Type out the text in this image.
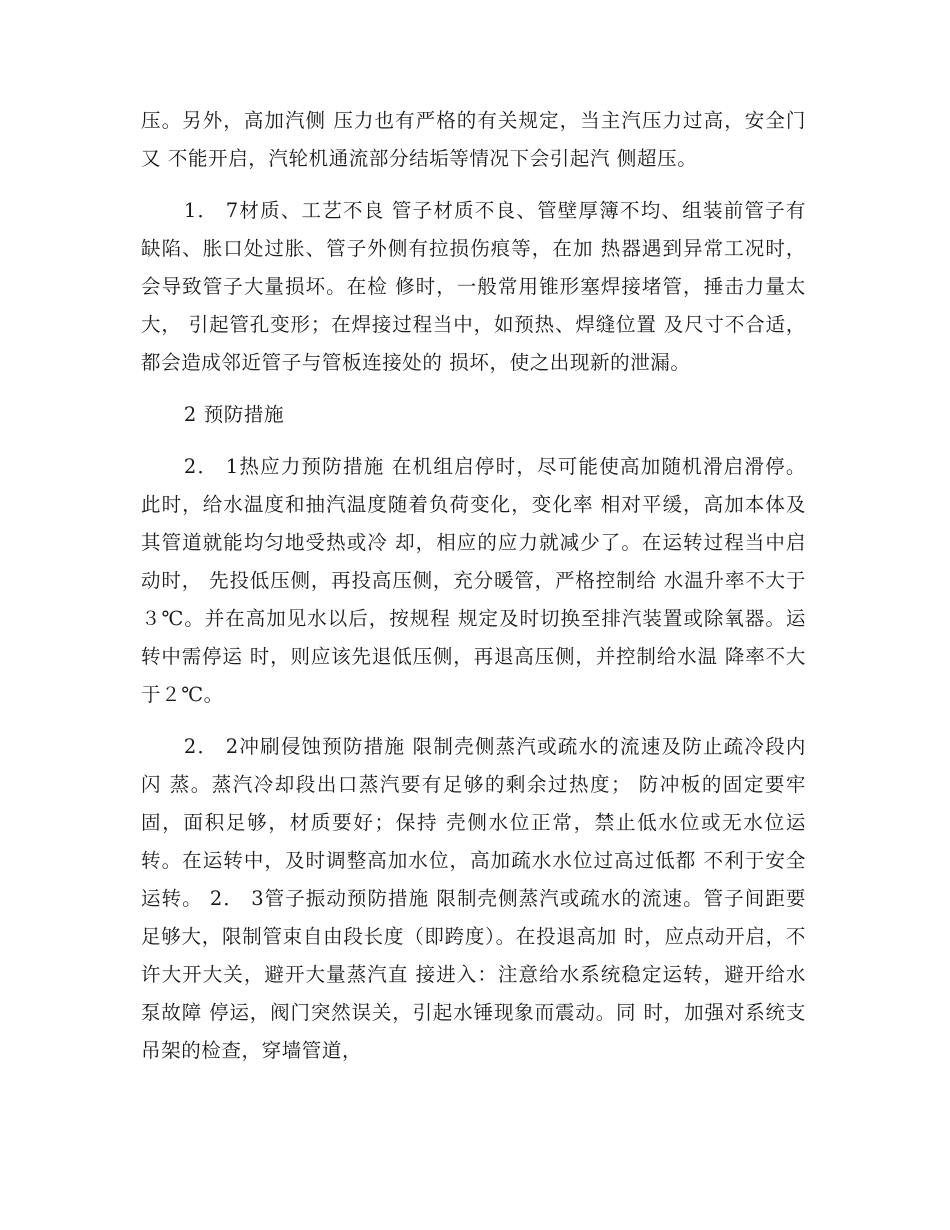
压。另外，高加汽侧 压力也有严格的有关规定，当主汽压力过高，安全门又 不能开启，汽轮机通流部分结垢等情况下会引起汽 侧超压。

1． 7材质、工艺不良 管子材质不良、管壁厚簿不均、组装前管子有 缺陷、胀口处过胀、管子外侧有拉损伤痕等，在加 热器遇到异常工况时，会导致管子大量损坏。在检 修时，一般常用锥形塞焊接堵管，捶击力量太大， 引起管孔变形；在焊接过程当中，如预热、焊缝位置 及尺寸不合适，都会造成邻近管子与管板连接处的 损坏，使之出现新的泄漏。

2 预防措施

2． 1热应力预防措施 在机组启停时，尽可能使高加随机滑启滑停。 此时，给水温度和抽汽温度随着负荷变化，变化率 相对平缓，高加本体及其管道就能均匀地受热或冷 却，相应的应力就减少了。在运转过程当中启动时， 先投低压侧，再投高压侧，充分暖管，严格控制给 水温升率不大于３℃。并在高加见水以后，按规程 规定及时切换至排汽装置或除氧器。运转中需停运 时，则应该先退低压侧，再退高压侧，并控制给水温 降率不大于２℃。

2． 2冲刷侵蚀预防措施 限制壳侧蒸汽或疏水的流速及防止疏冷段内闪 蒸。蒸汽冷却段出口蒸汽要有足够的剩余过热度； 防冲板的固定要牢固，面积足够，材质要好；保持 壳侧水位正常，禁止低水位或无水位运转。在运转中，及时调整高加水位，高加疏水水位过高过低都 不利于安全运转。 2． 3管子振动预防措施 限制壳侧蒸汽或疏水的流速。管子间距要足够大，限制管束自由段长度（即跨度）。在投退高加 时，应点动开启，不许大开大关，避开大量蒸汽直 接进入：注意给水系统稳定运转，避开给水泵故障 停运，阀门突然误关，引起水锤现象而震动。同 时，加强对系统支吊架的检查，穿墙管道，
